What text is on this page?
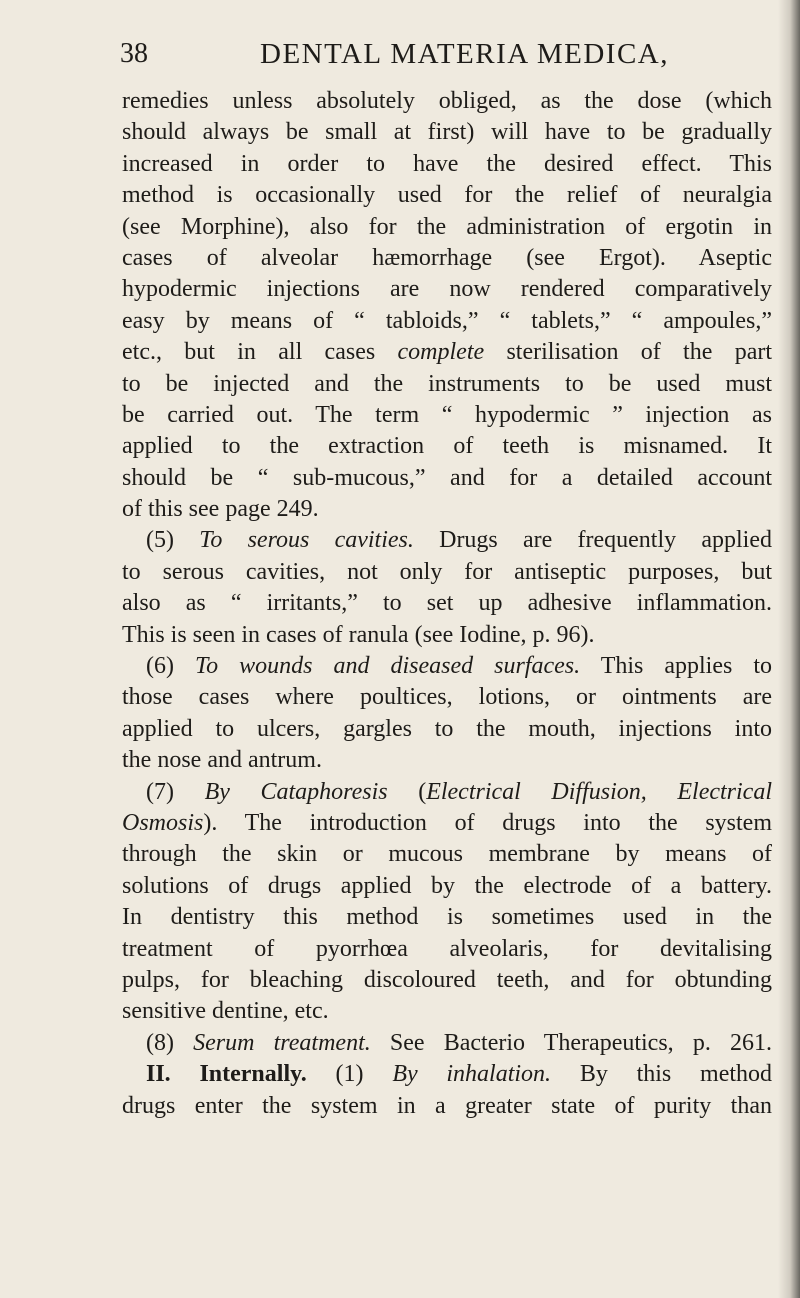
38	DENTAL MATERIA MEDICA,
remedies unless absolutely obliged, as the dose (which
should always be small at first) will have to be gradually
increased in order to have the desired effect. This
method is occasionally used for the relief of neuralgia
(see Morphine), also for the administration of ergotin in
cases of alveolar hæmorrhage (see Ergot). Aseptic
hypodermic injections are now rendered comparatively
easy by means of “ tabloids,” “ tablets,” “ ampoules,”
etc., but in all cases complete sterilisation of the part
to be injected and the instruments to be used must
be carried out. The term “ hypodermic ” injection as
applied to the extraction of teeth is misnamed. It
should be “ sub-mucous,” and for a detailed account
of this see page 249.
(5) To serous cavities. Drugs are frequently applied
to serous cavities, not only for antiseptic purposes, but
also as “ irritants,” to set up adhesive inflammation.
This is seen in cases of ranula (see Iodine, p. 96).
(6) To wounds and diseased surfaces. This applies to
those cases where poultices, lotions, or ointments are
applied to ulcers, gargles to the mouth, injections into
the nose and antrum.
(7) By Cataphoresis (Electrical Diffusion, Electrical
Osmosis). The introduction of drugs into the system
through the skin or mucous membrane by means of
solutions of drugs applied by the electrode of a battery.
In dentistry this method is sometimes used in the
treatment of pyorrhœa alveolaris, for devitalising
pulps, for bleaching discoloured teeth, and for obtunding
sensitive dentine, etc.
(8) Serum treatment. See Bacterio Therapeutics, p. 261.
II. Internally. (1) By inhalation. By this method
drugs enter the system in a greater state of purity than
